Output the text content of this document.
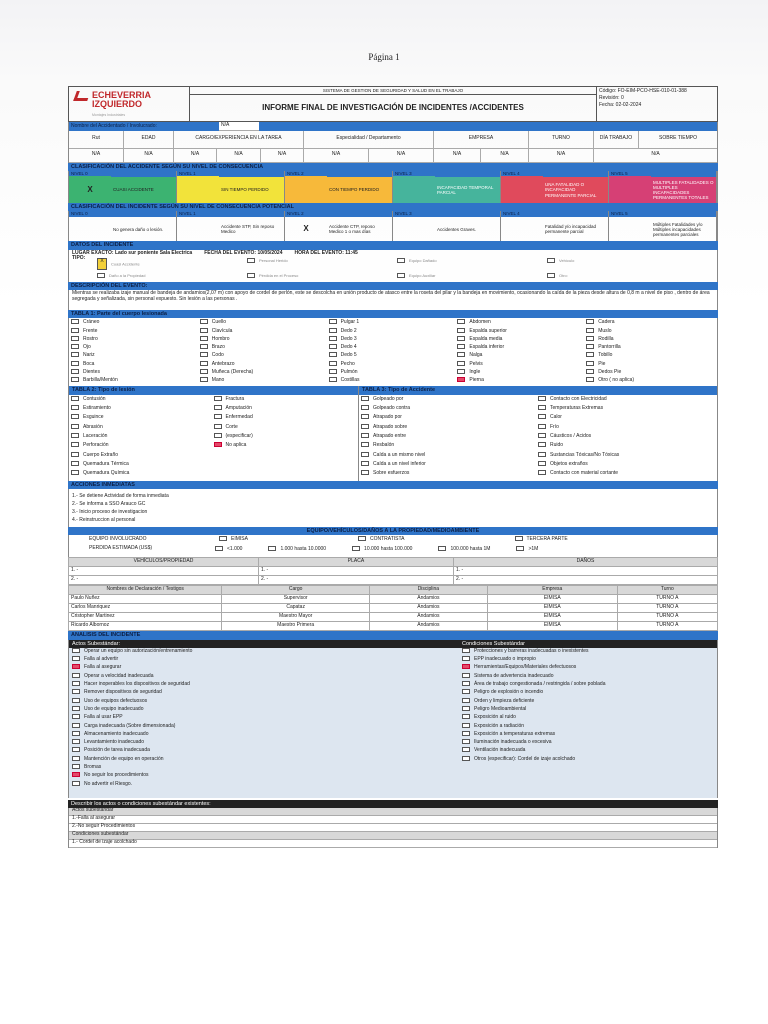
Página 1
ECHEVERRIA
IZQUIERDO
Montajes Industriales
SISTEMA DE GESTION DE SEGURIDAD Y SALUD EN EL TRABAJO
INFORME FINAL DE INVESTIGACIÓN DE INCIDENTES /ACCIDENTES
Código: FO-EIM-PCO-HSE-010-01-388
Revisión: 0
Fecha: 02-02-2024
Nombre del Accidentado / Involucrado:	N/A
Rut	EDAD	CARGO/EXPERIENCIA EN LA TAREA	Especialidad / Departamento	EMPRESA	TURNO	DÍA TRABAJO	SOBRE TIEMPO
N/A	N/A	N/A	N/A	N/A	N/A	N/A	N/A	N/A	N/A	N/A
CLASIFICACIÓN DEL ACCIDENTE SEGÚN SU NIVEL DE CONSECUENCIA
NIVEL 0
X	CUASI ACCIDENTE
NIVEL 1
SIN TIEMPO PERDIDO
NIVEL 2
CON TIEMPO PERDIDO
NIVEL 3
INCAPACIDAD TEMPORAL PARCIAL
NIVEL 4
UNA FATALIDAD O INCAPACIDAD PERMANENTE PARCIAL
NIVEL 5
MULTIPLES FATALIDADES O MULTIPLES INCAPACIDADES PERMANENTES TOTALES
CLASIFICACIÓN DEL INCIDENTE SEGÚN SU NIVEL DE CONSECUENCIA POTENCIAL
NIVEL 0
No genera daño o lesión.
NIVEL 1
Accidente STP, Sin reposo Medico
NIVEL 2
X	Accidente CTP, reposo Medico 1 o mas días
NIVEL 3
Accidentes Graves.
NIVEL 4
Fatalidad y/o incapacidad permanente parcial
NIVEL 5
Múltiples Fatalidades y/o Múltiples incapacidades permanentes parciales
DATOS DEL INCIDENTE
LUGAR EXACTO: Lado sur poniente Sala Electrica FECHA DEL EVENTO: 10/05/2024 HORA DEL EVENTO: 11:45
TIPO:	X Cuasi Accidente
Personal Herido	Equipo Dañado	Vehículo
Daño a la Propiedad	Pérdida en el Proceso	Equipo Auxiliar	Otro:
DESCRIPCIÓN DEL EVENTO:
Mientras se realizaba izaje manual de bandeja de andamios(2,07 m) con apoyo de cordel de perlón, este se descolcha en unión producto de atasco entre la roseta del pilar y la bandeja en movimiento, ocasionando la caída de la pieza desde altura de 0,8 m a nivel de piso , dentro de área segregada y señalizada, sin personal expuesto. Sin lesión a las personas .
TABLA 1: Parte del cuerpo lesionada
Cráneo	Cuello	Pulgar 1	Abdomen	Cadera
Frente	Clavícula	Dedo 2	Espalda superior	Muslo
Rostro	Hombro	Dedo 3	Espalda media	Rodilla
Ojo	Brazo	Dedo 4	Espalda inferior	Pantorrilla
Nariz	Codo	Dedo 5	Nalga	Tobillo
Boca	Antebrazo	Pecho	Pelvis	Pie
Dientes	Muñeca (Derecha)	Pulmón	Ingle	Dedos Pie
Barbilla/Mentón	Mano	Costillas	Pierna	Otro ( no aplica)
TABLA 2: Tipo de lesión
Contusión	Fractura
Estiramiento	Amputación
Esguince	Enfermedad
Abrasión	Corte
Laceración	(especificar)
Perforación	No aplica
Cuerpo Extraño
Quemadura Térmica
Quemadura Química
TABLA 3: Tipo de Accidente
Golpeado por	Contacto con Electricidad
Golpeado contra	Temperaturas Extremas
Atrapado por	Calor
Atrapado sobre	Frío
Atrapado entre	Cáusticos / Ácidos
Resbalón	Ruido
Caída a un mismo nivel	Sustancias Tóxicas/No Tóxicas
Caída a un nivel inferior	Objetos extraños
Sobre esfuerzos	Contacto con material cortante
ACCIONES INMEDIATAS
1.- Se detiene Actividad de forma inmediata
2.- Se informa a SSO Arauco GC
3.- Inicio proceso de investigacion
4.- Reinstruccion al personal
EQUIPO/VEHÍCULOS/DAÑOS A LA PROPIEDAD/MEDIOAMBIENTE
EQUIPO INVOLUCRADO	EIMISA	CONTRATISTA	TERCERA PARTE
PERDIDA ESTIMADA (US$)	<1.000	1.000 hasta 10.0000	10.000 hasta 100.000	100.000 hasta 1M	>1M
VEHÍCULOS/PROPIEDAD	PLACA	DAÑOS
1. -	1. -	1. -
2. -	2. -	2. -
Nombres de Declaración / Testigos	Cargo	Disciplina	Empresa	Turno
Paulo Nuñez	Supervisor	Andamios	EIMISA	TURNO A
Carlos Manriquez	Capataz	Andamios	EIMISA	TURNO A
Cristopher Martinez	Maestro Mayor	Andamios	EIMISA	TURNO A
Ricardo Albornoz	Maestro Primera	Andamios	EIMISA	TURNO A
ANALISIS DEL INCIDENTE
Actos Subestándar:
Operar un equipo sin autorización/entrenamiento
Falla al advertir
Falla al asegurar
Operar a velocidad inadecuada
Hacer inoperables los dispositivos de seguridad
Remover dispositivos de seguridad
Uso de equipos defectuosos
Uso de equipo inadecuado
Falla al usar EPP
Carga inadecuada (Sobre dimensionada)
Almacenamiento inadecuado
Levantamiento inadecuado
Posición de tarea inadecuada
Mantención de equipo en operación
Bromas
No seguir los procedimientos
No advertir el Riesgo.
Condiciones Subestándar
Protecciones y barreras inadecuadas o inexistentes
EPP inadecuado o impropio
Herramientas/Equipos/Materiales defectuosos
Sistema de advertencia inadecuado
Área de trabajo congestionada / restringida / sobre poblada
Peligro de explosión o incendio
Orden y limpieza deficiente
Peligro Medioambiental
Exposición al ruido
Exposición a radiación
Exposición a temperaturas extremas
Iluminación inadecuada o excesiva
Ventilación inadecuada
Otros (especificar): Cordel de izaje acolchado
Describir los actos o condiciones subestándar existentes:
Actos subestándar
1.-Falla al asegurar
2.-No seguir Procedimientos
Condiciones subestándar
1.- Cordel de izaje acolchado
